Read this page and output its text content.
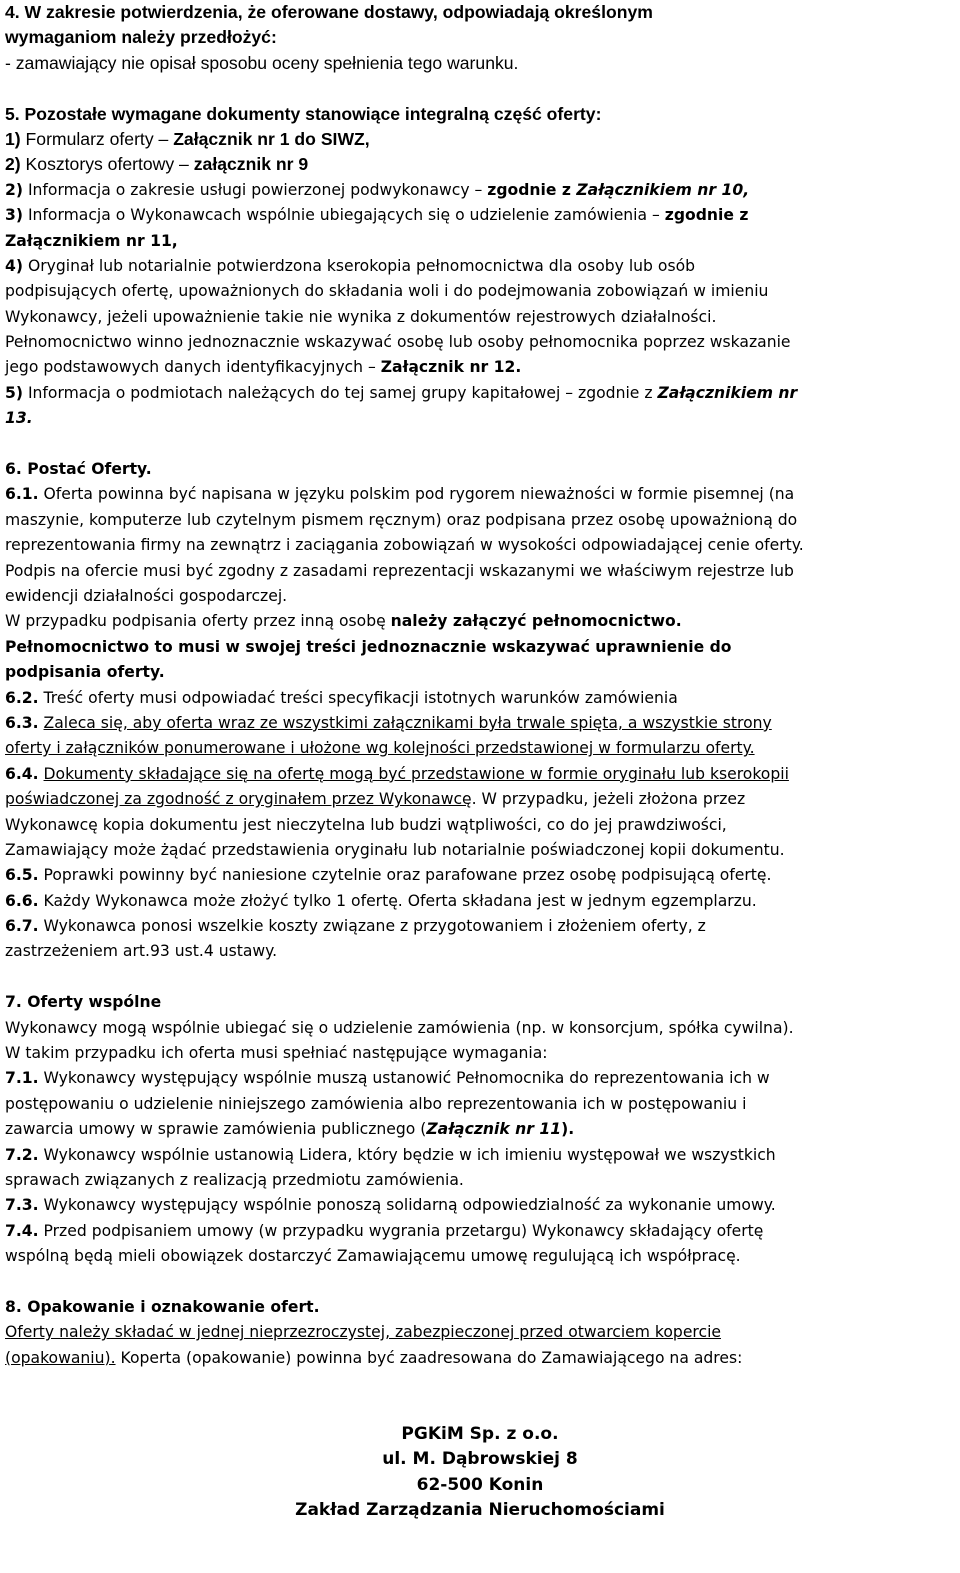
4. W zakresie potwierdzenia, że oferowane dostawy, odpowiadają określonym
wymaganiom należy przedłożyć:
- zamawiający nie opisał sposobu oceny spełnienia tego warunku.
5. Pozostałe wymagane dokumenty stanowiące integralną część oferty:
1) Formularz oferty – Załącznik nr 1 do SIWZ,
2) Kosztorys ofertowy – załącznik nr 9
2) Informacja o zakresie usługi powierzonej podwykonawcy – zgodnie z Załącznikiem nr 10,
3) Informacja o Wykonawcach wspólnie ubiegających się o udzielenie zamówienia – zgodnie z
Załącznikiem nr 11,
4) Oryginał lub notarialnie potwierdzona kserokopia pełnomocnictwa dla osoby lub osób
podpisujących ofertę, upoważnionych do składania woli i do podejmowania zobowiązań w imieniu
Wykonawcy, jeżeli upoważnienie takie nie wynika z dokumentów rejestrowych działalności.
Pełnomocnictwo winno jednoznacznie wskazywać osobę lub osoby pełnomocnika poprzez wskazanie
jego podstawowych danych identyfikacyjnych – Załącznik nr 12.
5) Informacja o podmiotach należących do tej samej grupy kapitałowej – zgodnie z Załącznikiem nr
13.
6. Postać Oferty.
6.1. Oferta powinna być napisana w języku polskim pod rygorem nieważności w formie pisemnej (na
maszynie, komputerze lub czytelnym pismem ręcznym) oraz podpisana przez osobę upoważnioną do
reprezentowania firmy na zewnątrz i zaciągania zobowiązań w wysokości odpowiadającej cenie oferty.
Podpis na ofercie musi być zgodny z zasadami reprezentacji wskazanymi we właściwym rejestrze lub
ewidencji działalności gospodarczej.
W przypadku podpisania oferty przez inną osobę należy załączyć pełnomocnictwo.
Pełnomocnictwo to musi w swojej treści jednoznacznie wskazywać uprawnienie do
podpisania oferty.
6.2. Treść oferty musi odpowiadać treści specyfikacji istotnych warunków zamówienia
6.3. Zaleca się, aby oferta wraz ze wszystkimi załącznikami była trwale spięta, a wszystkie strony
oferty i załączników ponumerowane i ułożone wg kolejności przedstawionej w formularzu oferty.
6.4. Dokumenty składające się na ofertę mogą być przedstawione w formie oryginału lub kserokopii
poświadczonej za zgodność z oryginałem przez Wykonawcę. W przypadku, jeżeli złożona przez
Wykonawcę kopia dokumentu jest nieczytelna lub budzi wątpliwości, co do jej prawdziwości,
Zamawiający może żądać przedstawienia oryginału lub notarialnie poświadczonej kopii dokumentu.
6.5. Poprawki powinny być naniesione czytelnie oraz parafowane przez osobę podpisującą ofertę.
6.6. Każdy Wykonawca może złożyć tylko 1 ofertę. Oferta składana jest w jednym egzemplarzu.
6.7. Wykonawca ponosi wszelkie koszty związane z przygotowaniem i złożeniem oferty, z
zastrzeżeniem art.93 ust.4 ustawy.
7. Oferty wspólne
Wykonawcy mogą wspólnie ubiegać się o udzielenie zamówienia (np. w konsorcjum, spółka cywilna).
W takim przypadku ich oferta musi spełniać następujące wymagania:
7.1. Wykonawcy występujący wspólnie muszą ustanowić Pełnomocnika do reprezentowania ich w
postępowaniu o udzielenie niniejszego zamówienia albo reprezentowania ich w postępowaniu i
zawarcia umowy w sprawie zamówienia publicznego (Załącznik nr 11).
7.2. Wykonawcy wspólnie ustanowią Lidera, który będzie w ich imieniu występował we wszystkich
sprawach związanych z realizacją przedmiotu zamówienia.
7.3. Wykonawcy występujący wspólnie ponoszą solidarną odpowiedzialność za wykonanie umowy.
7.4. Przed podpisaniem umowy (w przypadku wygrania przetargu) Wykonawcy składający ofertę
wspólną będą mieli obowiązek dostarczyć Zamawiającemu umowę regulującą ich współpracę.
8. Opakowanie i oznakowanie ofert.
Oferty należy składać w jednej nieprzezroczystej, zabezpieczonej przed otwarciem kopercie
(opakowaniu). Koperta (opakowanie) powinna być zaadresowana do Zamawiającego na adres:
PGKiM Sp. z o.o.
ul. M. Dąbrowskiej 8
62-500 Konin
Zakład Zarządzania Nieruchomościami
